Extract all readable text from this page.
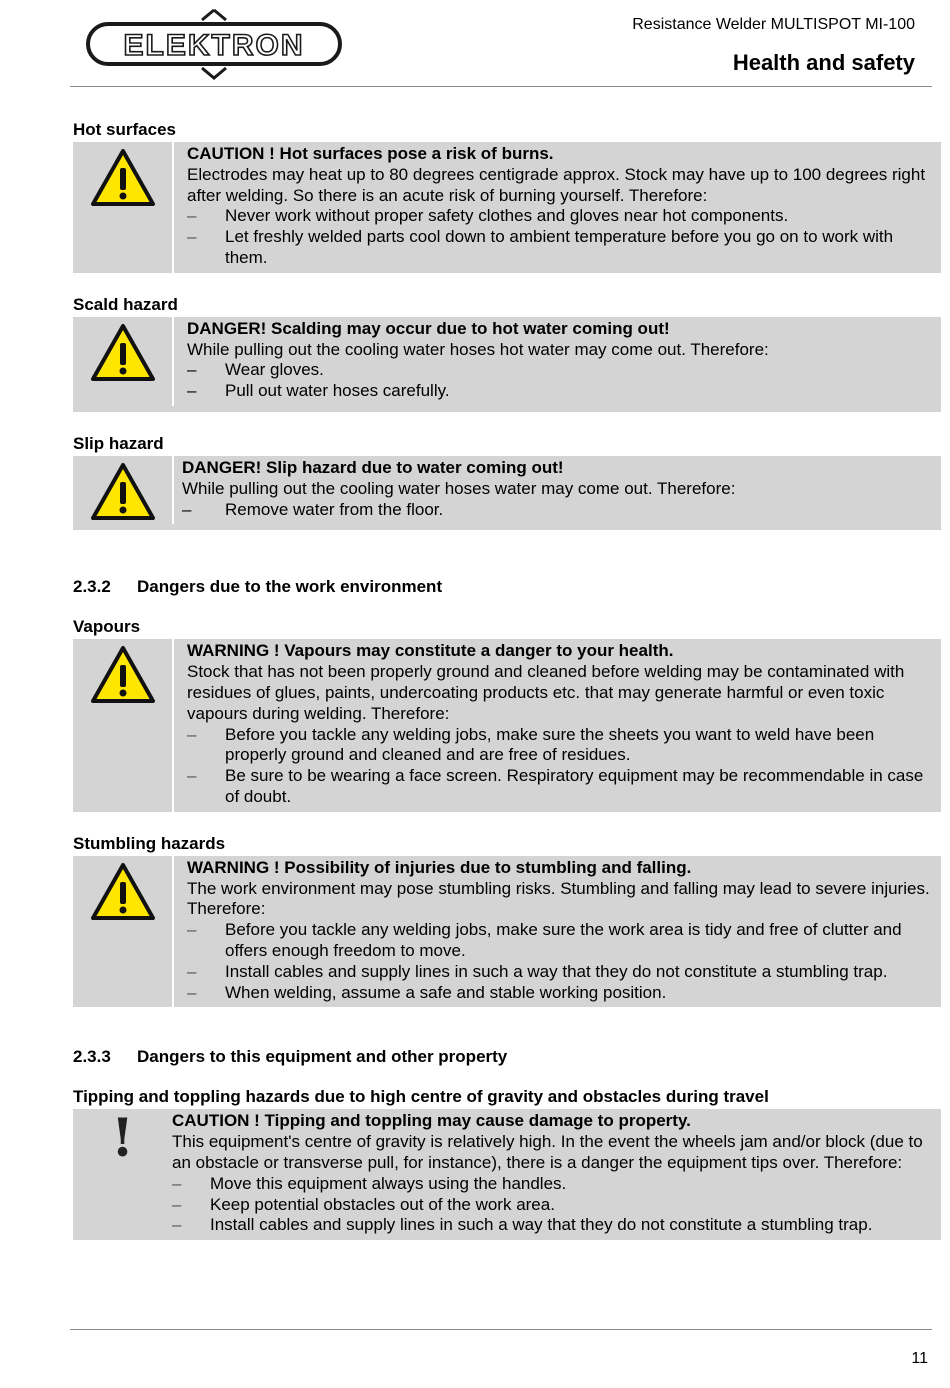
ELEKTRON
Resistance Welder MULTISPOT MI-100
Health and safety

Hot surfaces

CAUTION ! Hot surfaces pose a risk of burns.
Electrodes may heat up to 80 degrees centigrade approx. Stock may have up to 100 degrees right after welding. So there is an acute risk of burning yourself. Therefore:
–	Never work without proper safety clothes and gloves near hot components.
–	Let freshly welded parts cool down to ambient temperature before you go on to work with them.

Scald hazard

DANGER! Scalding may occur due to hot water coming out!
While pulling out the cooling water hoses hot water may come out. Therefore:
–	Wear gloves.
–	Pull out water hoses carefully.

Slip hazard

DANGER! Slip hazard due to water coming out!
While pulling out the cooling water hoses water may come out. Therefore:
–	Remove water from the floor.
2.3.2	Dangers due to the work environment

Vapours

WARNING ! Vapours may constitute a danger to your health.
Stock that has not been properly ground and cleaned before welding may be contaminated with residues of glues, paints, undercoating products etc. that may generate harmful or even toxic vapours during welding. Therefore:
–	Before you tackle any welding jobs, make sure the sheets you want to weld have been properly ground and cleaned and are free of residues.
–	Be sure to be wearing a face screen. Respiratory equipment may be recommendable in case of doubt.

Stumbling hazards

WARNING ! Possibility of injuries due to stumbling and falling.
The work environment may pose stumbling risks. Stumbling and falling may lead to severe injuries. Therefore:
–	Before you tackle any welding jobs, make sure the work area is tidy and free of clutter and offers enough freedom to move.
–	Install cables and supply lines in such a way that they do not constitute a stumbling trap.
–	When welding, assume a safe and stable working position.
2.3.3	Dangers to this equipment and other property

Tipping and toppling hazards due to high centre of gravity and obstacles during travel

! CAUTION ! Tipping and toppling may cause damage to property.
This equipment's centre of gravity is relatively high. In the event the wheels jam and/or block (due to an obstacle or transverse pull, for instance), there is a danger the equipment tips over. Therefore:
–	Move this equipment always using the handles.
–	Keep potential obstacles out of the work area.
–	Install cables and supply lines in such a way that they do not constitute a stumbling trap.
11
